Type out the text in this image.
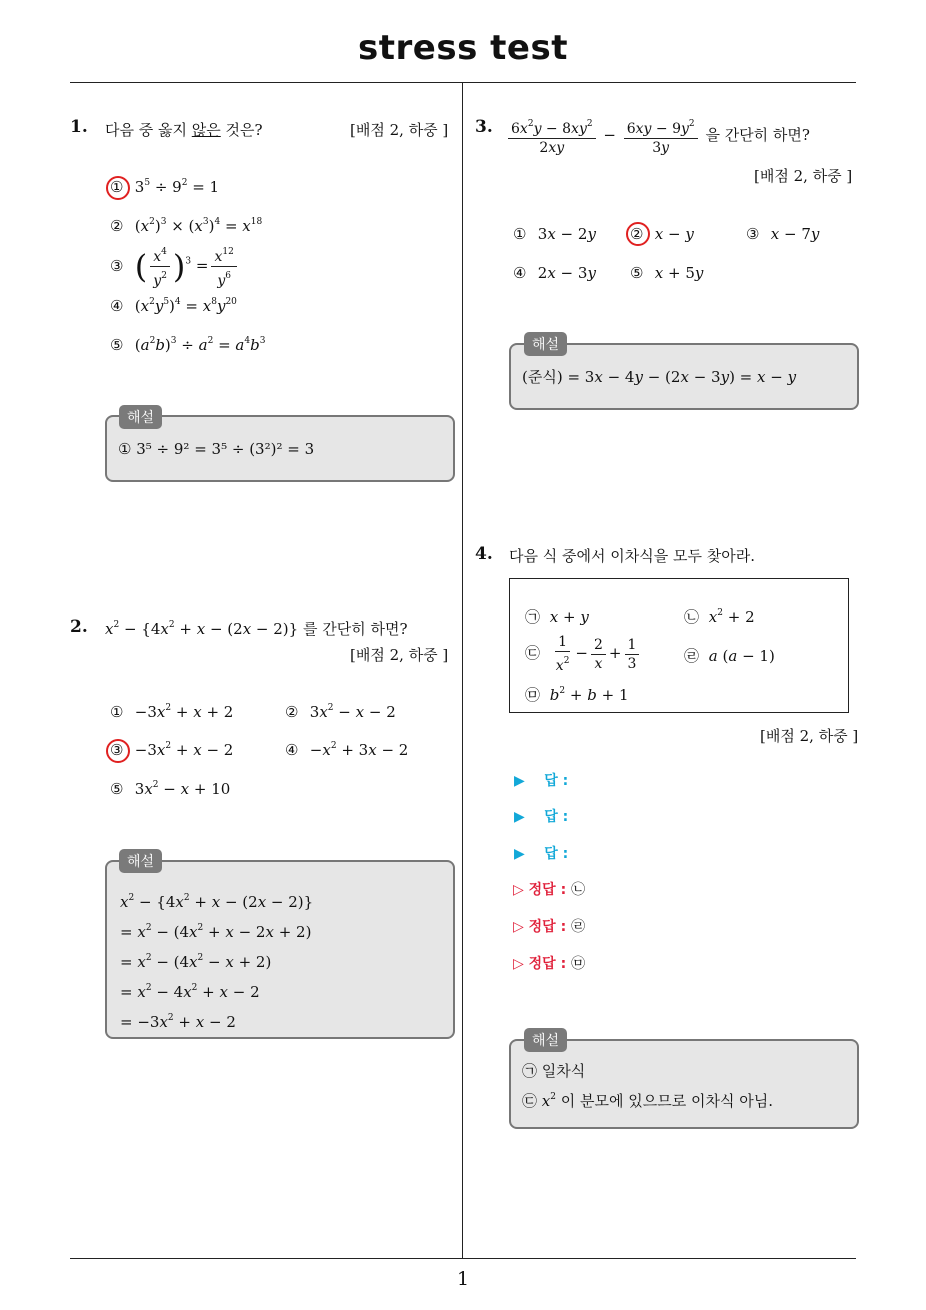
stress test
1
1. 다음 중 옳지 않은 것은?	[배점 2, 하중 ]
① $3^5 \div 9^2 = 1$
② $(x^2)^3 \times (x^3)^4 = x^{18}$
③ ( $\frac{x^4}{y^2} )^3 = \frac{x^{12}}{y^6}$
④ $(x^2y^5)^4 = x^8y^{20}$
⑤ $(a^2b)^3 \div a^2 = a^4b^3$
해설
① 3⁵ ÷ 9² = 3⁵ ÷ (3²)² = 3
2. $x^2 - \{4x^2 + x - (2x - 2)\}$ 를 간단히 하면?
[배점 2, 하중 ]
① $-3x^2 + x + 2$	② $3x^2 - x - 2$
③ $-3x^2 + x - 2$	④ $-x^2 + 3x - 2$
⑤ $3x^2 - x + 10$
해설
$x^2 - \{4x^2 + x - (2x - 2)\}$
= $x^2 - (4x^2 + x - 2x + 2)$
= $x^2 - (4x^2 - x + 2)$
= $x^2 - 4x^2 + x - 2$
= $-3x^2 + x - 2$
3. $\frac{6x^2y - 8xy^2}{2xy} - \frac{6xy - 9y^2}{3y}$ 을 간단히 하면?
[배점 2, 하중 ]
① 3x − 2y ② x − y	③ x − 7y
④ 2x − 3y ⑤ x + 5y
해설
(준식) = 3x − 4y − (2x − 3y) = x − y
4. 다음 식 중에서 이차식을 모두 찾아라.
㉠ x + y	㉡ $x^2 + 2$
㉢ $\frac{1}{x^2} - \frac{2}{x} + \frac{1}{3}$	㉣ a (a − 1)
㉤ $b^2 + b + 1$
[배점 2, 하중 ]
▶ 답 :
▶ 답 :
▶ 답 :
▷ 정답 : ㉡
▷ 정답 : ㉣
▷ 정답 : ㉤
해설
㉠ 일차식
㉢ $x^2$ 이 분모에 있으므로 이차식 아님.
